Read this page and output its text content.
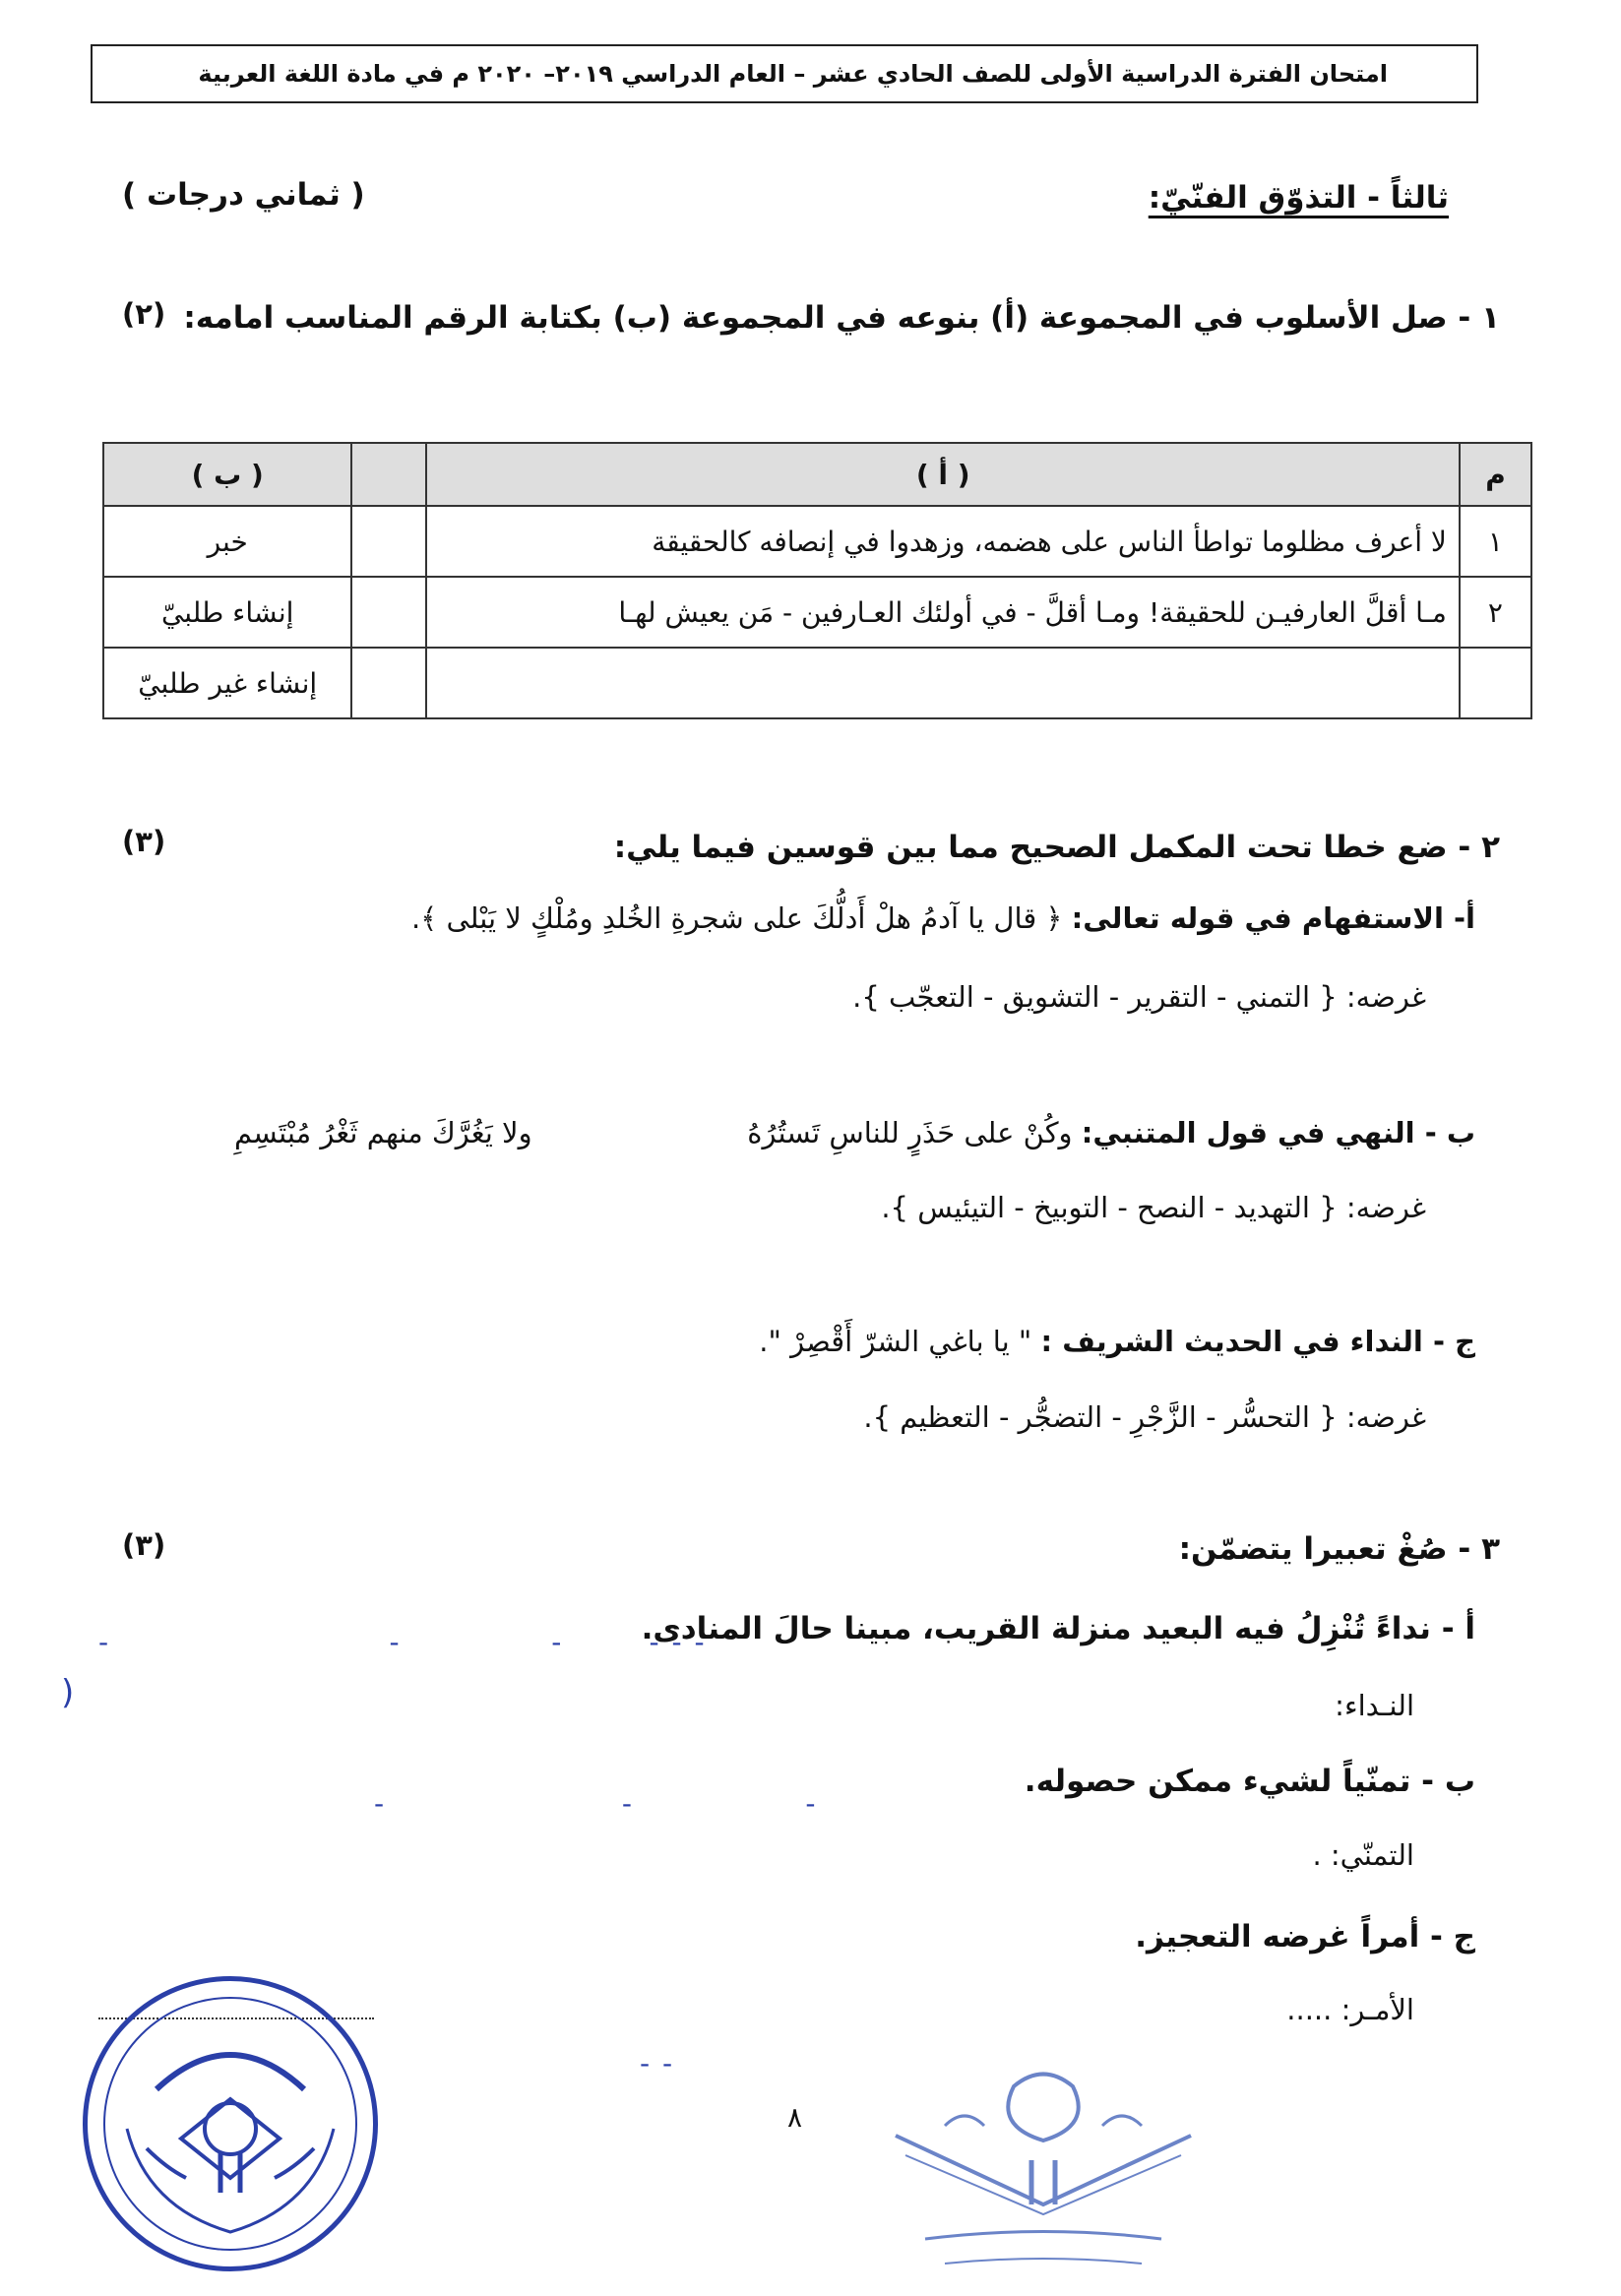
امتحان الفترة الدراسية الأولى للصف الحادي عشر – العام الدراسي ٢٠١٩– ٢٠٢٠ م في مادة اللغة العربية
ثالثاً - التذوّق الفنّيّ:
( ثماني درجات )
١ - صل الأسلوب في المجموعة (أ) بنوعه في المجموعة (ب) بكتابة الرقم المناسب امامه:
(٢)
م	( أ )		( ب )
١	لا أعرف مظلوما تواطأ الناس على هضمه، وزهدوا في إنصافه كالحقيقة		خبر
٢	مـا أقلَّ العارفيـن للحقيقة! ومـا أقلَّ - في أولئك العـارفين - مَن يعيش لهـا		إنشاء طلبيّ
			إنشاء غير طلبيّ
٢ - ضع خطا تحت المكمل الصحيح مما بين قوسين فيما يلي:
(٣)
أ- الاستفهام في قوله تعالى: ﴿ قال يا آدمُ هلْ أَدلُّكَ على شجرةِ الخُلدِ ومُلْكٍ لا يَبْلى ﴾.
غرضه: { التمني - التقرير - التشويق - التعجّب }.
ب - النهي في قول المتنبي: وكُنْ على حَذَرٍ للناسِ تَستُرُهُ
ولا يَغُرَّكَ منهم ثَغْرُ مُبْتَسِمِ
غرضه: { التهديد - النصح - التوبيخ - التيئيس }.
ج - النداء في الحديث الشريف : " يا باغي الشرّ أَقْصِرْ ".
غرضه: { التحسُّر - الزَّجْرِ - التضجُّر - التعظيم }.
٣ - صُغْ تعبيرا يتضمّن:
(٣)
أ - نداءً تُنْزِلُ فيه البعيد منزلة القريب، مبينا حالَ المنادى.
‐ ‐ ‐        ‐              ‐                          ‐
(	النـداء:
ب - تمنّياً لشيء ممكن حصوله.
‐                ‐                      ‐
التمنّي: .
ج - أمراً غرضه التعجيز.
الأمـر: .....
‐ ‐
٨
